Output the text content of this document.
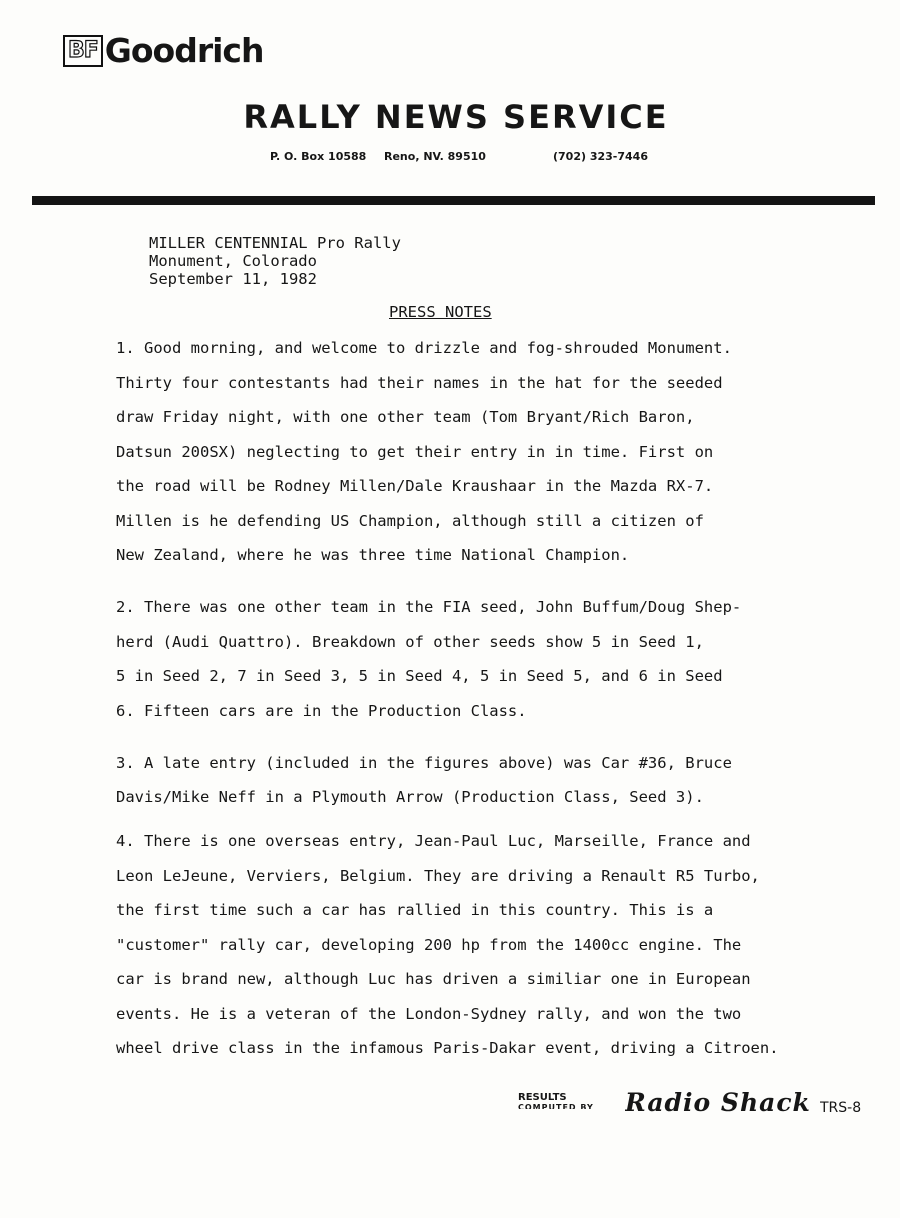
BF Goodrich
RALLY NEWS SERVICE
P. O. Box 10588 Reno, NV. 89510	(702) 323-7446
MILLER CENTENNIAL Pro Rally
Monument, Colorado
September 11, 1982
PRESS NOTES
1. Good morning, and welcome to drizzle and fog-shrouded Monument.
Thirty four contestants had their names in the hat for the seeded
draw Friday night, with one other team (Tom Bryant/Rich Baron,
Datsun 200SX) neglecting to get their entry in in time. First on
the road will be Rodney Millen/Dale Kraushaar in the Mazda RX-7.
Millen is he defending US Champion, although still a citizen of
New Zealand, where he was three time National Champion.
2. There was one other team in the FIA seed, John Buffum/Doug Shep-
herd (Audi Quattro). Breakdown of other seeds show 5 in Seed 1,
5 in Seed 2, 7 in Seed 3, 5 in Seed 4, 5 in Seed 5, and 6 in Seed
6. Fifteen cars are in the Production Class.
3. A late entry (included in the figures above) was Car #36, Bruce
Davis/Mike Neff in a Plymouth Arrow (Production Class, Seed 3).
4. There is one overseas entry, Jean-Paul Luc, Marseille, France and
Leon LeJeune, Verviers, Belgium. They are driving a Renault R5 Turbo,
the first time such a car has rallied in this country. This is a
"customer" rally car, developing 200 hp from the 1400cc engine. The
car is brand new, although Luc has driven a similiar one in European
events. He is a veteran of the London-Sydney rally, and won the two
wheel drive class in the infamous Paris-Dakar event, driving a Citroen.
RESULTS
COMPUTED BY Radio Shack TRS-8
